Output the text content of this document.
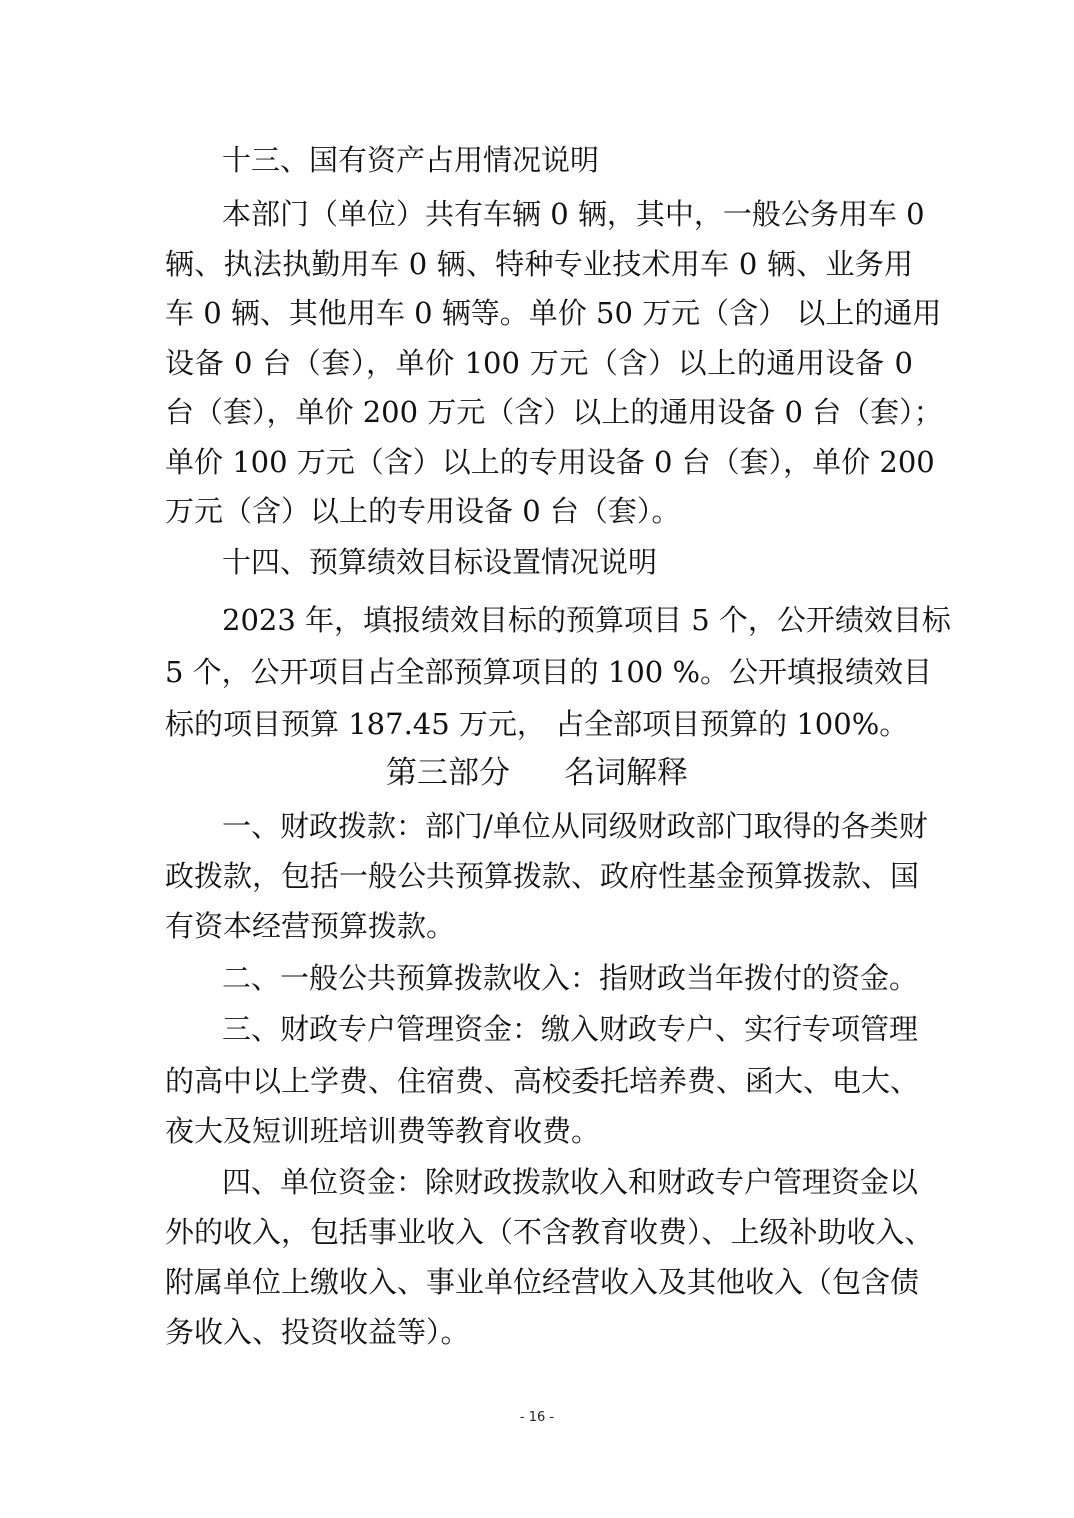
十三、国有资产占用情况说明
本部门（单位）共有车辆 0 辆，其中，一般公务用车 0
辆、执法执勤用车 0 辆、特种专业技术用车 0 辆、业务用
车 0 辆、其他用车 0 辆等。单价 50 万元（含） 以上的通用
设备 0 台（套），单价 100 万元（含）以上的通用设备 0
台（套），单价 200 万元（含）以上的通用设备 0 台（套）；
单价 100 万元（含）以上的专用设备 0 台（套），单价 200
万元（含）以上的专用设备 0 台（套）。
十四、预算绩效目标设置情况说明
2023 年，填报绩效目标的预算项目 5 个，公开绩效目标
5 个，公开项目占全部预算项目的 100 %。公开填报绩效目
标的项目预算 187.45 万元， 占全部项目预算的 100%。
第三部分 名词解释
一、财政拨款：部门/单位从同级财政部门取得的各类财
政拨款，包括一般公共预算拨款、政府性基金预算拨款、国
有资本经营预算拨款。
二、一般公共预算拨款收入：指财政当年拨付的资金。
三、财政专户管理资金：缴入财政专户、实行专项管理
的高中以上学费、住宿费、高校委托培养费、函大、电大、
夜大及短训班培训费等教育收费。
四、单位资金：除财政拨款收入和财政专户管理资金以
外的收入，包括事业收入（不含教育收费）、上级补助收入、
附属单位上缴收入、事业单位经营收入及其他收入（包含债
务收入、投资收益等）。
- 16 -
